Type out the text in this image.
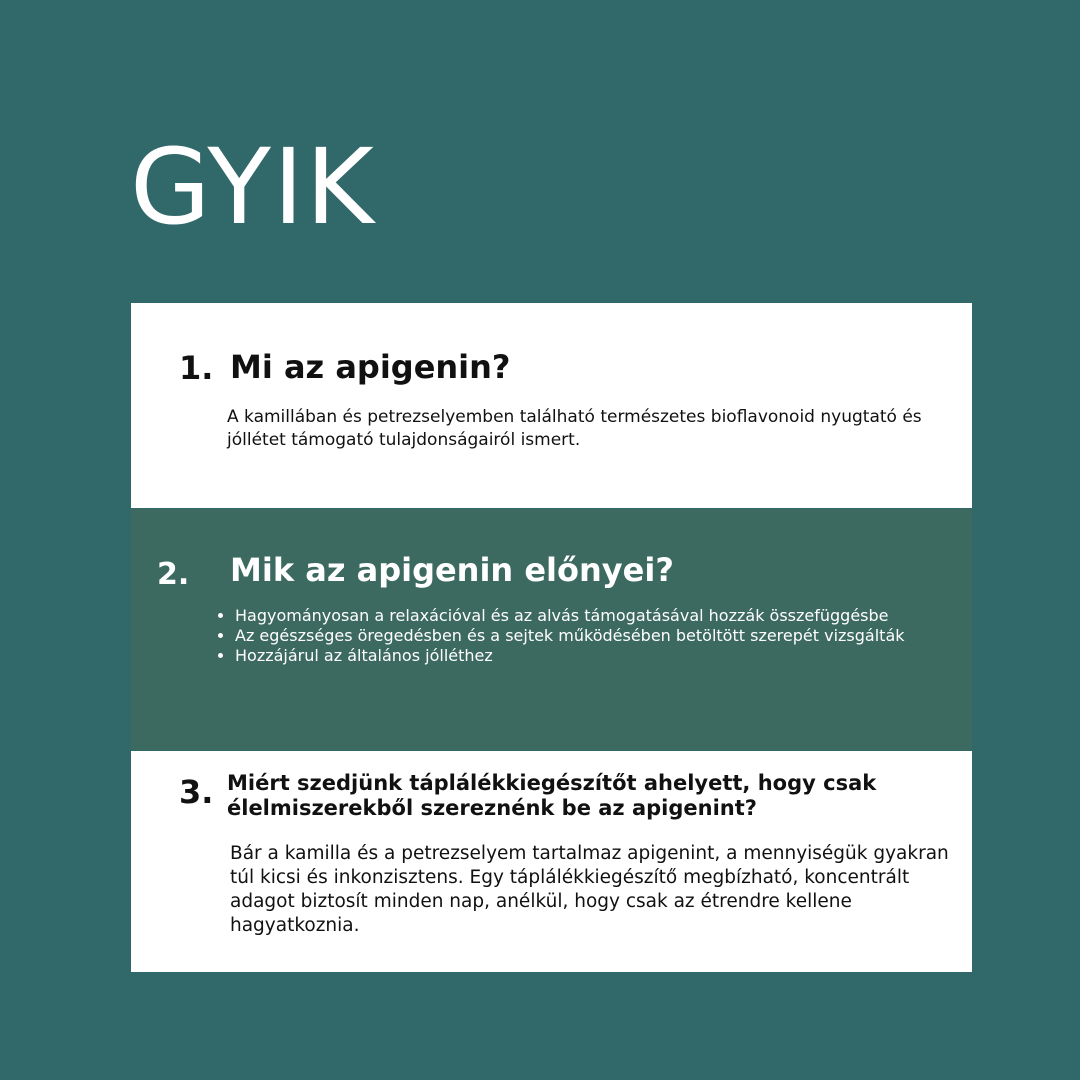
GYIK
1. Mi az apigenin?

A kamillában és petrezselyemben található természetes bioflavonoid nyugtató és jóllétet támogató tulajdonságairól ismert.

2. Mik az apigenin előnyei?
• Hagyományosan a relaxációval és az alvás támogatásával hozzák összefüggésbe
• Az egészséges öregedésben és a sejtek működésében betöltött szerepét vizsgálták
• Hozzájárul az általános jólléthez
3. Miért szedjünk táplálékkiegészítőt ahelyett, hogy csak élelmiszerekből szereznénk be az apigenint?

Bár a kamilla és a petrezselyem tartalmaz apigenint, a mennyiségük gyakran túl kicsi és inkonzisztens. Egy táplálékkiegészítő megbízható, koncentrált adagot biztosít minden nap, anélkül, hogy csak az étrendre kellene hagyatkoznia.
